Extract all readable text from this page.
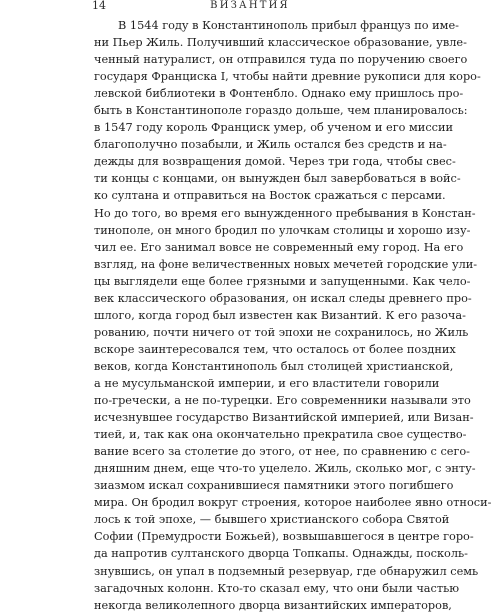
14	ВИЗАНТИЯ
В 1544 году в Константинополь прибыл француз по име-
ни Пьер Жиль. Получивший классическое образование, увле-
ченный натуралист, он отправился туда по поручению своего
государя Франциска I, чтобы найти древние рукописи для коро-
левской библиотеки в Фонтенбло. Однако ему пришлось про-
быть в Константинополе гораздо дольше, чем планировалось:
в 1547 году король Франциск умер, об ученом и его миссии
благополучно позабыли, и Жиль остался без средств и на-
дежды для возвращения домой. Через три года, чтобы свес-
ти концы с концами, он вынужден был завербоваться в войс-
ко султана и отправиться на Восток сражаться с персами.
Но до того, во время его вынужденного пребывания в Констан-
тинополе, он много бродил по улочкам столицы и хорошо изу-
чил ее. Его занимал вовсе не современный ему город. На его
взгляд, на фоне величественных новых мечетей городские ули-
цы выглядели еще более грязными и запущенными. Как чело-
век классического образования, он искал следы древнего про-
шлого, когда город был известен как Византий. К его разоча-
рованию, почти ничего от той эпохи не сохранилось, но Жиль
вскоре заинтересовался тем, что осталось от более поздних
веков, когда Константинополь был столицей христианской,
а не мусульманской империи, и его властители говорили
по-гречески, а не по-турецки. Его современники называли это
исчезнувшее государство Византийской империей, или Визан-
тией, и, так как она окончательно прекратила свое существо-
вание всего за столетие до этого, от нее, по сравнению с сего-
дняшним днем, еще что-то уцелело. Жиль, сколько мог, с энту-
зиазмом искал сохранившиеся памятники этого погибшего
мира. Он бродил вокруг строения, которое наиболее явно относи-
лось к той эпохе, — бывшего христианского собора Святой
Софии (Премудрости Божьей), возвышавшегося в центре горо-
да напротив султанского дворца Топкапы. Однажды, посколь-
знувшись, он упал в подземный резервуар, где обнаружил семь
загадочных колонн. Кто-то сказал ему, что они были частью
некогда великолепного дворца византийских императоров,
